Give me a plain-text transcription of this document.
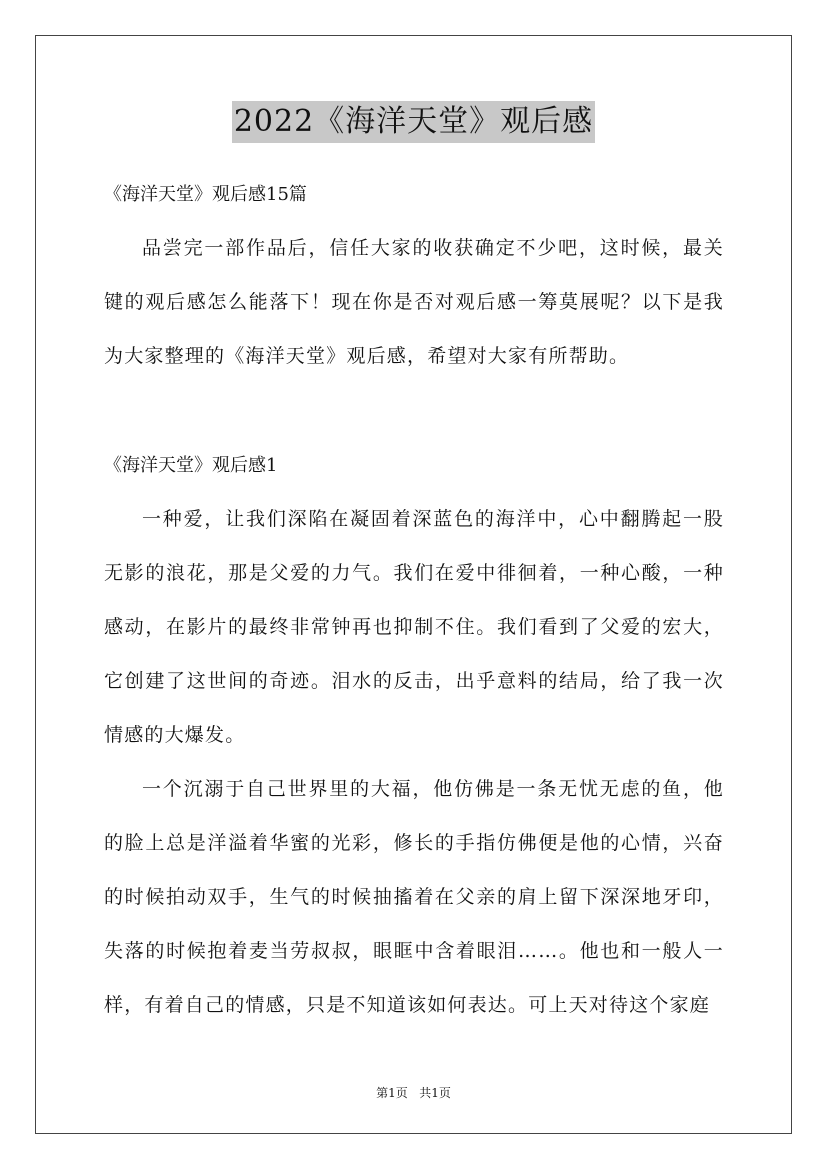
2022《海洋天堂》观后感
《海洋天堂》观后感15篇

品尝完一部作品后，信任大家的收获确定不少吧，这时候，最关键的观后感怎么能落下！现在你是否对观后感一筹莫展呢？以下是我为大家整理的《海洋天堂》观后感，希望对大家有所帮助。

《海洋天堂》观后感1

一种爱，让我们深陷在凝固着深蓝色的海洋中，心中翻腾起一股无影的浪花，那是父爱的力气。我们在爱中徘徊着，一种心酸，一种感动，在影片的最终非常钟再也抑制不住。我们看到了父爱的宏大，它创建了这世间的奇迹。泪水的反击，出乎意料的结局，给了我一次情感的大爆发。

一个沉溺于自己世界里的大福，他仿佛是一条无忧无虑的鱼，他的脸上总是洋溢着华蜜的光彩，修长的手指仿佛便是他的心情，兴奋的时候拍动双手，生气的时候抽搐着在父亲的肩上留下深深地牙印，失落的时候抱着麦当劳叔叔，眼眶中含着眼泪……。他也和一般人一样，有着自己的情感，只是不知道该如何表达。可上天对待这个家庭

第1页   共1页
